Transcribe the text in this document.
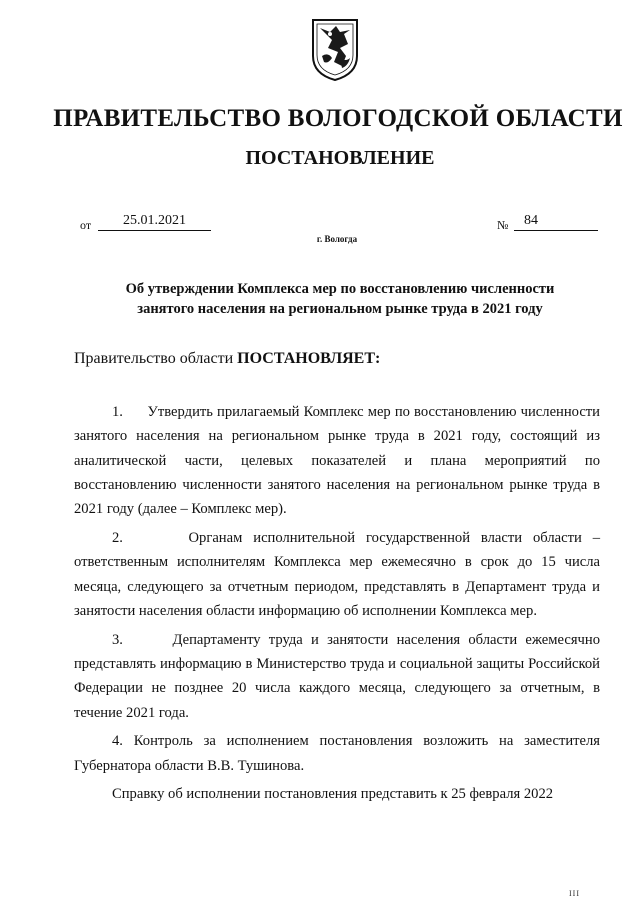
ПРАВИТЕЛЬСТВО ВОЛОГОДСКОЙ ОБЛАСТИ
ПОСТАНОВЛЕНИЕ
от	25.01.2021	№	84
г. Вологда
Об утверждении Комплекса мер по восстановлению численности
занятого населения на региональном рынке труда в 2021 году
Правительство области ПОСТАНОВЛЯЕТ:

1.      Утвердить прилагаемый Комплекс мер по восстановлению численности занятого населения на региональном рынке труда в 2021 году, состоящий из аналитической части, целевых показателей и плана мероприятий по восстановлению численности занятого населения на региональном рынке труда в 2021 году (далее – Комплекс мер).

2.      Органам исполнительной государственной власти области – ответственным исполнителям Комплекса мер ежемесячно в срок до 15 числа месяца, следующего за отчетным периодом, представлять в Департамент труда и занятости населения области информацию об исполнении Комплекса мер.

3.      Департаменту труда и занятости населения области ежемесячно представлять информацию в Министерство труда и социальной защиты Российской Федерации не позднее 20 числа каждого месяца, следующего за отчетным, в течение 2021 года.

4. Контроль за исполнением постановления возложить на заместителя Губернатора области В.В. Тушинова.

Справку об исполнении постановления представить к 25 февраля 2022

III
